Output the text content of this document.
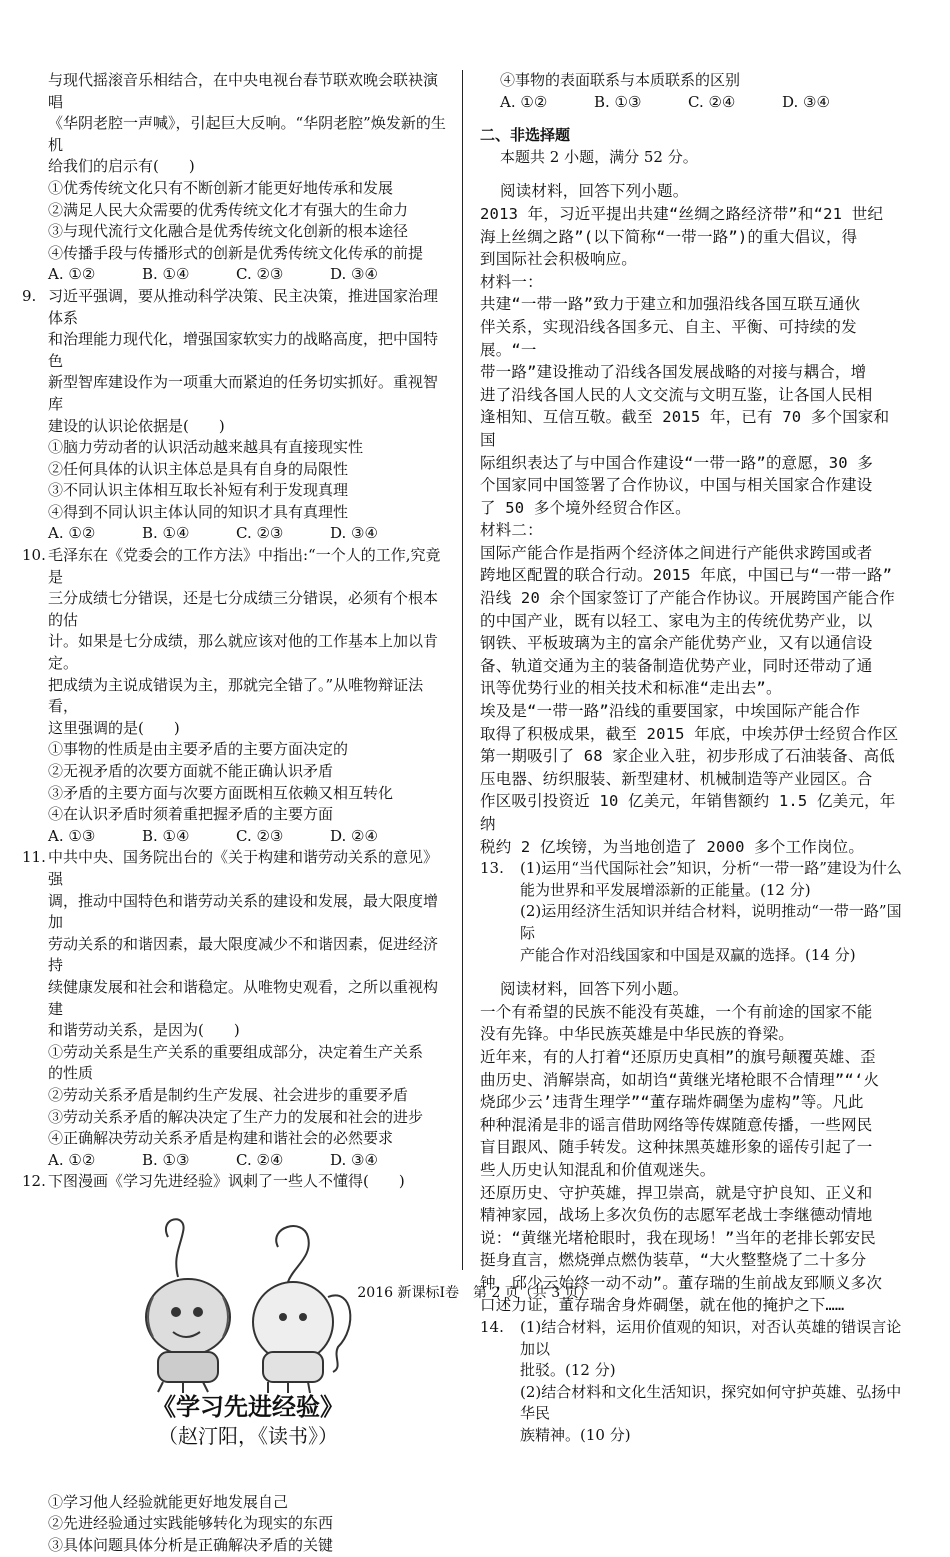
与现代摇滚音乐相结合，在中央电视台春节联欢晚会联袂演唱

《华阴老腔一声喊》，引起巨大反响。“华阴老腔”焕发新的生机

给我们的启示有(　　)

①优秀传统文化只有不断创新才能更好地传承和发展

②满足人民大众需要的优秀传统文化才有强大的生命力

③与现代流行文化融合是优秀传统文化创新的根本途径

④传播手段与传播形式的创新是优秀传统文化传承的前提

A. ①②	B. ①④	C. ②③	D. ③④
9. 习近平强调，要从推动科学决策、民主决策，推进国家治理体系

和治理能力现代化，增强国家软实力的战略高度，把中国特色

新型智库建设作为一项重大而紧迫的任务切实抓好。重视智库

建设的认识论依据是(　　)

①脑力劳动者的认识活动越来越具有直接现实性

②任何具体的认识主体总是具有自身的局限性

③不同认识主体相互取长补短有利于发现真理

④得到不同认识主体认同的知识才具有真理性

A. ①②	B. ①④	C. ②③	D. ③④
10. 毛泽东在《党委会的工作方法》中指出:“一个人的工作,究竟是

三分成绩七分错误，还是七分成绩三分错误，必须有个根本的估

计。如果是七分成绩，那么就应该对他的工作基本上加以肯定。

把成绩为主说成错误为主，那就完全错了。”从唯物辩证法看，

这里强调的是(　　)

①事物的性质是由主要矛盾的主要方面决定的

②无视矛盾的次要方面就不能正确认识矛盾

③矛盾的主要方面与次要方面既相互依赖又相互转化

④在认识矛盾时须着重把握矛盾的主要方面

A. ①③	B. ①④	C. ②③	D. ②④
11. 中共中央、国务院出台的《关于构建和谐劳动关系的意见》强

调，推动中国特色和谐劳动关系的建设和发展，最大限度增加

劳动关系的和谐因素，最大限度减少不和谐因素，促进经济持

续健康发展和社会和谐稳定。从唯物史观看，之所以重视构建

和谐劳动关系，是因为(　　)

①劳动关系是生产关系的重要组成部分，决定着生产关系

的性质

②劳动关系矛盾是制约生产发展、社会进步的重要矛盾

③劳动关系矛盾的解决决定了生产力的发展和社会的进步

④正确解决劳动关系矛盾是构建和谐社会的必然要求

A. ①②	B. ①③	C. ②④	D. ③④
12. 下图漫画《学习先进经验》讽刺了一些人不懂得(　　)

《学习先进经验》
（赵汀阳，《读书》）

①学习他人经验就能更好地发展自己

②先进经验通过实践能够转化为现实的东西

③具体问题具体分析是正确解决矛盾的关键

④事物的表面联系与本质联系的区别

A. ①②	B. ①③	C. ②④	D. ③④

二、非选择题

本题共 2 小题，满分 52 分。

阅读材料，回答下列小题。

2013 年，习近平提出共建“丝绸之路经济带”和“21 世纪

海上丝绸之路”(以下简称“一带一路”)的重大倡议，得

到国际社会积极响应。

材料一：

共建“一带一路”致力于建立和加强沿线各国互联互通伙

伴关系，实现沿线各国多元、自主、平衡、可持续的发展。“一

带一路”建设推动了沿线各国发展战略的对接与耦合，增

进了沿线各国人民的人文交流与文明互鉴，让各国人民相

逢相知、互信互敬。截至 2015 年，已有 70 多个国家和国

际组织表达了与中国合作建设“一带一路”的意愿，30 多

个国家同中国签署了合作协议，中国与相关国家合作建设

了 50 多个境外经贸合作区。

材料二：

国际产能合作是指两个经济体之间进行产能供求跨国或者

跨地区配置的联合行动。2015 年底，中国已与“一带一路”

沿线 20 余个国家签订了产能合作协议。开展跨国产能合作

的中国产业，既有以轻工、家电为主的传统优势产业，以

钢铁、平板玻璃为主的富余产能优势产业，又有以通信设

备、轨道交通为主的装备制造优势产业，同时还带动了通

讯等优势行业的相关技术和标准“走出去”。

埃及是“一带一路”沿线的重要国家，中埃国际产能合作

取得了积极成果，截至 2015 年底，中埃苏伊士经贸合作区

第一期吸引了 68 家企业入驻，初步形成了石油装备、高低

压电器、纺织服装、新型建材、机械制造等产业园区。合

作区吸引投资近 10 亿美元，年销售额约 1.5 亿美元，年纳

税约 2 亿埃镑，为当地创造了 2000 多个工作岗位。

13. (1)运用“当代国际社会”知识，分析“一带一路”建设为什么

能为世界和平发展增添新的正能量。(12 分)

(2)运用经济生活知识并结合材料，说明推动“一带一路”国际

产能合作对沿线国家和中国是双赢的选择。(14 分)

阅读材料，回答下列小题。

一个有希望的民族不能没有英雄，一个有前途的国家不能

没有先锋。中华民族英雄是中华民族的脊梁。

近年来，有的人打着“还原历史真相”的旗号颠覆英雄、歪

曲历史、消解崇高，如胡诌“黄继光堵枪眼不合情理”“‘火

烧邱少云’违背生理学”“董存瑞炸碉堡为虚构”等。凡此

种种混淆是非的谣言借助网络等传媒随意传播，一些网民

盲目跟风、随手转发。这种抹黑英雄形象的谣传引起了一

些人历史认知混乱和价值观迷失。

还原历史、守护英雄，捍卫崇高，就是守护良知、正义和

精神家园，战场上多次负伤的志愿军老战士李继德动情地

说：“黄继光堵枪眼时，我在现场！”当年的老排长郭安民

挺身直言，燃烧弹点燃伪装草，“大火整整烧了二十多分

钟，邱少云始终一动不动”。董存瑞的生前战友郅顺义多次

口述力证，董存瑞舍身炸碉堡，就在他的掩护之下……

14. (1)结合材料，运用价值观的知识，对否认英雄的错误言论加以

批驳。(12 分)

(2)结合材料和文化生活知识，探究如何守护英雄、弘扬中华民

族精神。(10 分)

2016 新课标Ⅰ卷　第 2 页（共 3 页）
